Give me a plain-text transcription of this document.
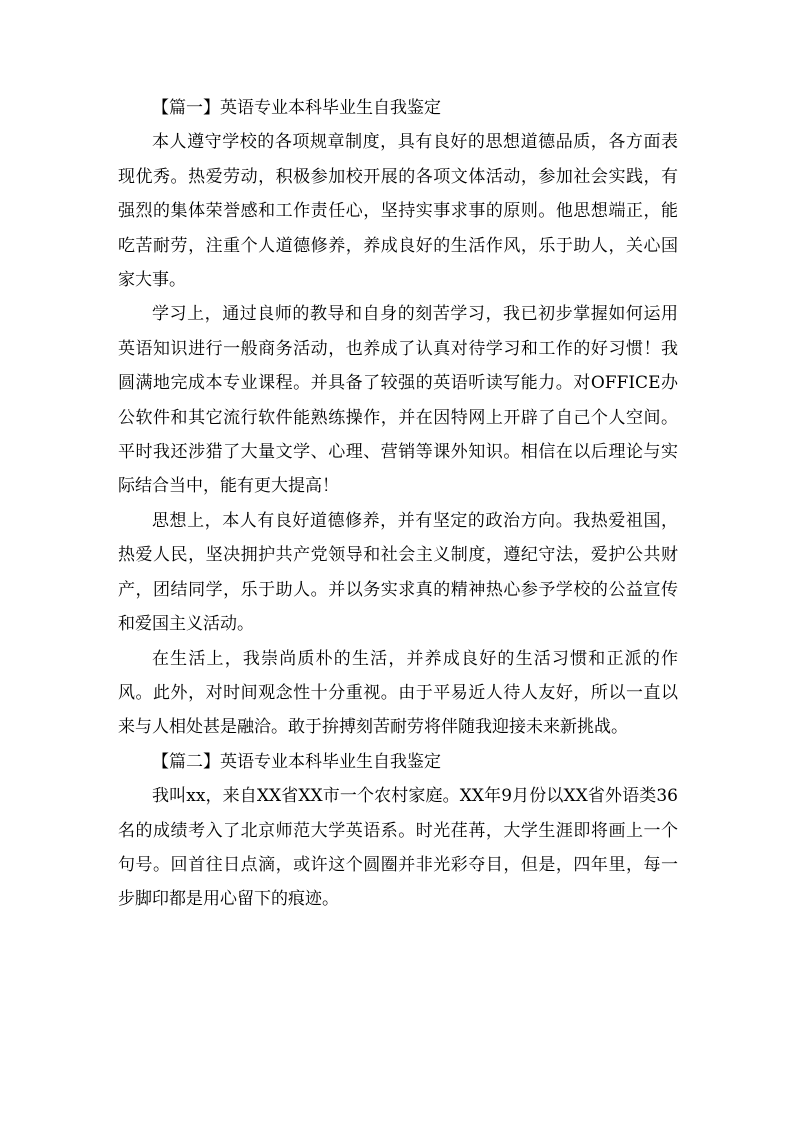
【篇一】英语专业本科毕业生自我鉴定

本人遵守学校的各项规章制度，具有良好的思想道德品质，各方面表现优秀。热爱劳动，积极参加校开展的各项文体活动，参加社会实践，有强烈的集体荣誉感和工作责任心，坚持实事求事的原则。他思想端正，能吃苦耐劳，注重个人道德修养，养成良好的生活作风，乐于助人，关心国家大事。

学习上，通过良师的教导和自身的刻苦学习，我已初步掌握如何运用英语知识进行一般商务活动，也养成了认真对待学习和工作的好习惯！我圆满地完成本专业课程。并具备了较强的英语听读写能力。对OFFICE办公软件和其它流行软件能熟练操作，并在因特网上开辟了自己个人空间。平时我还涉猎了大量文学、心理、营销等课外知识。相信在以后理论与实际结合当中，能有更大提高！

思想上，本人有良好道德修养，并有坚定的政治方向。我热爱祖国，热爱人民，坚决拥护共产党领导和社会主义制度，遵纪守法，爱护公共财产，团结同学，乐于助人。并以务实求真的精神热心参予学校的公益宣传和爱国主义活动。

在生活上，我崇尚质朴的生活，并养成良好的生活习惯和正派的作风。此外，对时间观念性十分重视。由于平易近人待人友好，所以一直以来与人相处甚是融洽。敢于拚搏刻苦耐劳将伴随我迎接未来新挑战。

【篇二】英语专业本科毕业生自我鉴定

我叫xx，来自XX省XX市一个农村家庭。XX年9月份以XX省外语类36名的成绩考入了北京师范大学英语系。时光荏苒，大学生涯即将画上一个句号。回首往日点滴，或许这个圆圈并非光彩夺目，但是，四年里，每一步脚印都是用心留下的痕迹。
